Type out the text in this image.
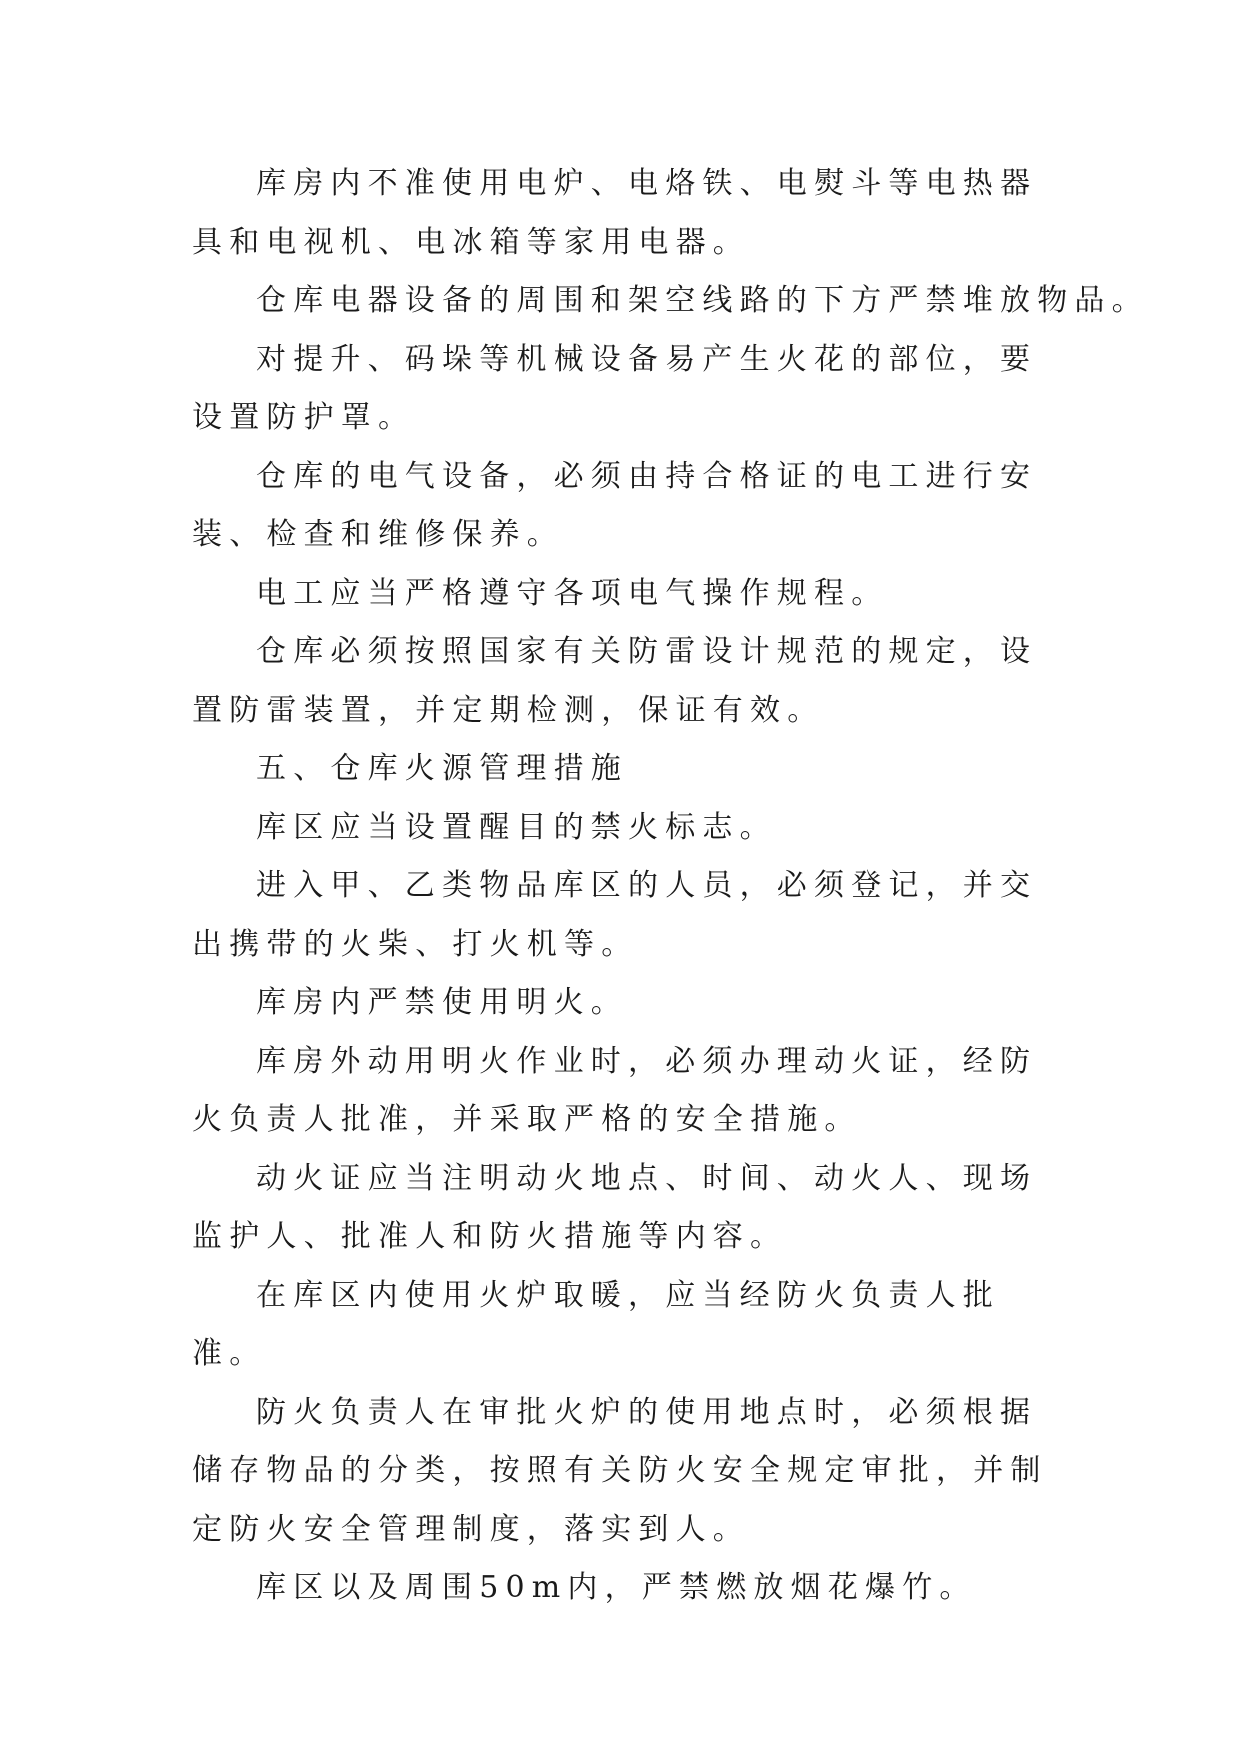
库房内不准使用电炉、电烙铁、电熨斗等电热器具和电视机、电冰箱等家用电器。

仓库电器设备的周围和架空线路的下方严禁堆放物品。

对提升、码垛等机械设备易产生火花的部位，要设置防护罩。

仓库的电气设备，必须由持合格证的电工进行安装、检查和维修保养。

电工应当严格遵守各项电气操作规程。

仓库必须按照国家有关防雷设计规范的规定，设置防雷装置，并定期检测，保证有效。

五、仓库火源管理措施

库区应当设置醒目的禁火标志。

进入甲、乙类物品库区的人员，必须登记，并交出携带的火柴、打火机等。

库房内严禁使用明火。

库房外动用明火作业时，必须办理动火证，经防火负责人批准，并采取严格的安全措施。

动火证应当注明动火地点、时间、动火人、现场监护人、批准人和防火措施等内容。

在库区内使用火炉取暖，应当经防火负责人批准。

防火负责人在审批火炉的使用地点时，必须根据储存物品的分类，按照有关防火安全规定审批，并制定防火安全管理制度，落实到人。

库区以及周围50m内，严禁燃放烟花爆竹。
